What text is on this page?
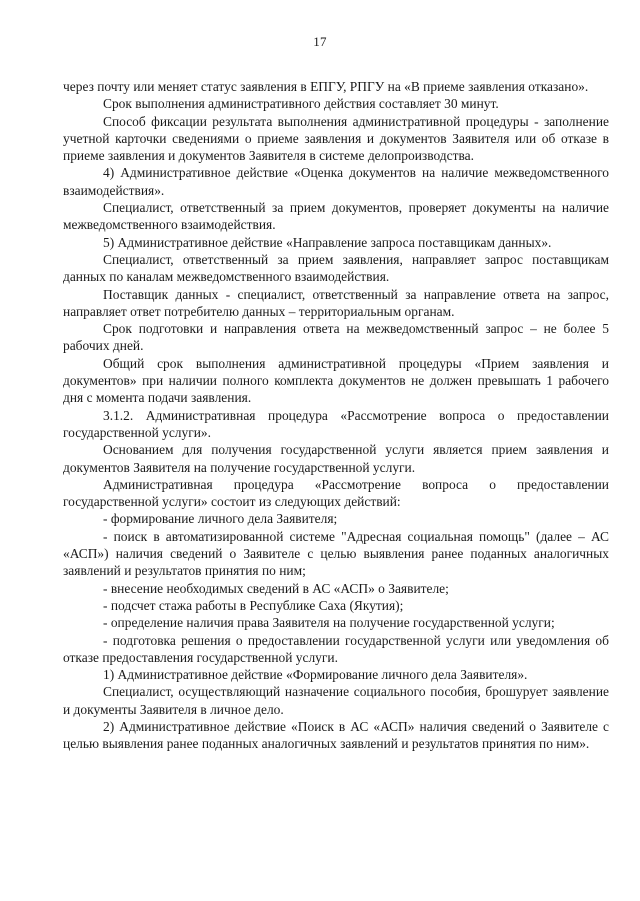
17

через почту или меняет статус заявления в ЕПГУ, РПГУ на «В приеме заявления отказано».

Срок выполнения административного действия составляет 30 минут.

Способ фиксации результата выполнения административной процедуры - заполнение учетной карточки сведениями о приеме заявления и документов Заявителя или об отказе в приеме заявления и документов Заявителя в системе делопроизводства.

4) Административное действие «Оценка документов на наличие межведомственного взаимодействия».

Специалист, ответственный за прием документов, проверяет документы на наличие межведомственного взаимодействия.

5) Административное действие «Направление запроса поставщикам данных».

Специалист, ответственный за прием заявления, направляет запрос поставщикам данных по каналам межведомственного взаимодействия.

Поставщик данных - специалист, ответственный за направление ответа на запрос, направляет ответ потребителю данных – территориальным органам.

Срок подготовки и направления ответа на межведомственный запрос – не более 5 рабочих дней.

Общий срок выполнения административной процедуры «Прием заявления и документов» при наличии полного комплекта документов не должен превышать 1 рабочего дня с момента подачи заявления.

3.1.2. Административная процедура «Рассмотрение вопроса о предоставлении государственной услуги».

Основанием для получения государственной услуги является прием заявления и документов Заявителя на получение государственной услуги.

Административная процедура «Рассмотрение вопроса о предоставлении государственной услуги» состоит из следующих действий:

- формирование личного дела Заявителя;

- поиск в автоматизированной системе "Адресная социальная помощь" (далее – АС «АСП») наличия сведений о Заявителе с целью выявления ранее поданных аналогичных заявлений и результатов принятия по ним;

- внесение необходимых сведений в АС «АСП» о Заявителе;

- подсчет стажа работы в Республике Саха (Якутия);

- определение наличия права Заявителя на получение государственной услуги;

- подготовка решения о предоставлении государственной услуги или уведомления об отказе предоставления государственной услуги.

1) Административное действие «Формирование личного дела Заявителя».

Специалист, осуществляющий назначение социального пособия, брошурует заявление и документы Заявителя в личное дело.

2) Административное действие «Поиск в АС «АСП» наличия сведений о Заявителе с целью выявления ранее поданных аналогичных заявлений и результатов принятия по ним».
